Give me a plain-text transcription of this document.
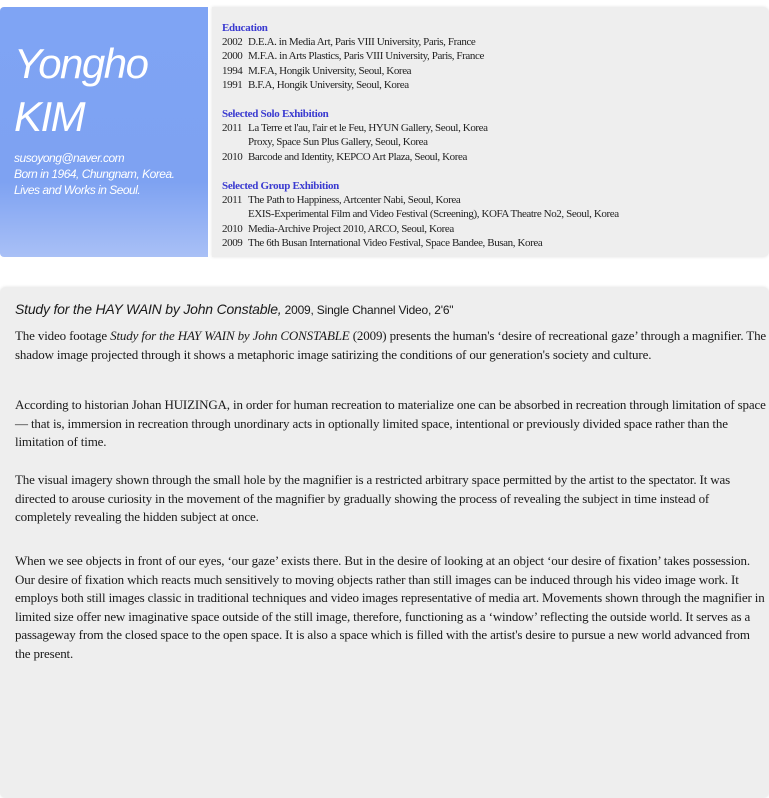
Yongho
KIM
susoyong@naver.com
Born in 1964, Chungnam, Korea.
Lives and Works in Seoul.
Education
2002 D.E.A. in Media Art, Paris VIII University, Paris, France
2000 M.F.A. in Arts Plastics, Paris VIII University, Paris, France
1994 M.F.A, Hongik University, Seoul, Korea
1991 B.F.A, Hongik University, Seoul, Korea
Selected Solo Exhibition
2011 La Terre et l'au, l'air et le Feu, HYUN Gallery, Seoul, Korea
Proxy, Space Sun Plus Gallery, Seoul, Korea
2010 Barcode and Identity, KEPCO Art Plaza, Seoul, Korea
Selected Group Exhibition
2011 The Path to Happiness, Artcenter Nabi, Seoul, Korea
EXIS-Experimental Film and Video Festival (Screening), KOFA Theatre No2, Seoul, Korea
2010 Media-Archive Project 2010, ARCO, Seoul, Korea
2009 The 6th Busan International Video Festival, Space Bandee, Busan, Korea
Study for the HAY WAIN by John Constable, 2009, Single Channel Video, 2'6"

The video footage Study for the HAY WAIN by John CONSTABLE (2009) presents the human's ‘desire of recreational gaze’ through a magnifier. The shadow image projected through it shows a metaphoric image satirizing the conditions of our generation's society and culture.

According to historian Johan HUIZINGA, in order for human recreation to materialize one can be absorbed in recreation through limitation of space — that is, immersion in recreation through unordinary acts in optionally limited space, intentional or previously divided space rather than the limitation of time.

The visual imagery shown through the small hole by the magnifier is a restricted arbitrary space permitted by the artist to the spectator. It was directed to arouse curiosity in the movement of the magnifier by gradually showing the process of revealing the subject in time instead of completely revealing the hidden subject at once.

When we see objects in front of our eyes, ‘our gaze’ exists there. But in the desire of looking at an object ‘our desire of fixation’ takes possession. Our desire of fixation which reacts much sensitively to moving objects rather than still images can be induced through his video image work. It employs both still images classic in traditional techniques and video images representative of media art. Movements shown through the magnifier in limited size offer new imaginative space outside of the still image, therefore, functioning as a ‘window’ reflecting the outside world. It serves as a passageway from the closed space to the open space. It is also a space which is filled with the artist's desire to pursue a new world advanced from the present.
